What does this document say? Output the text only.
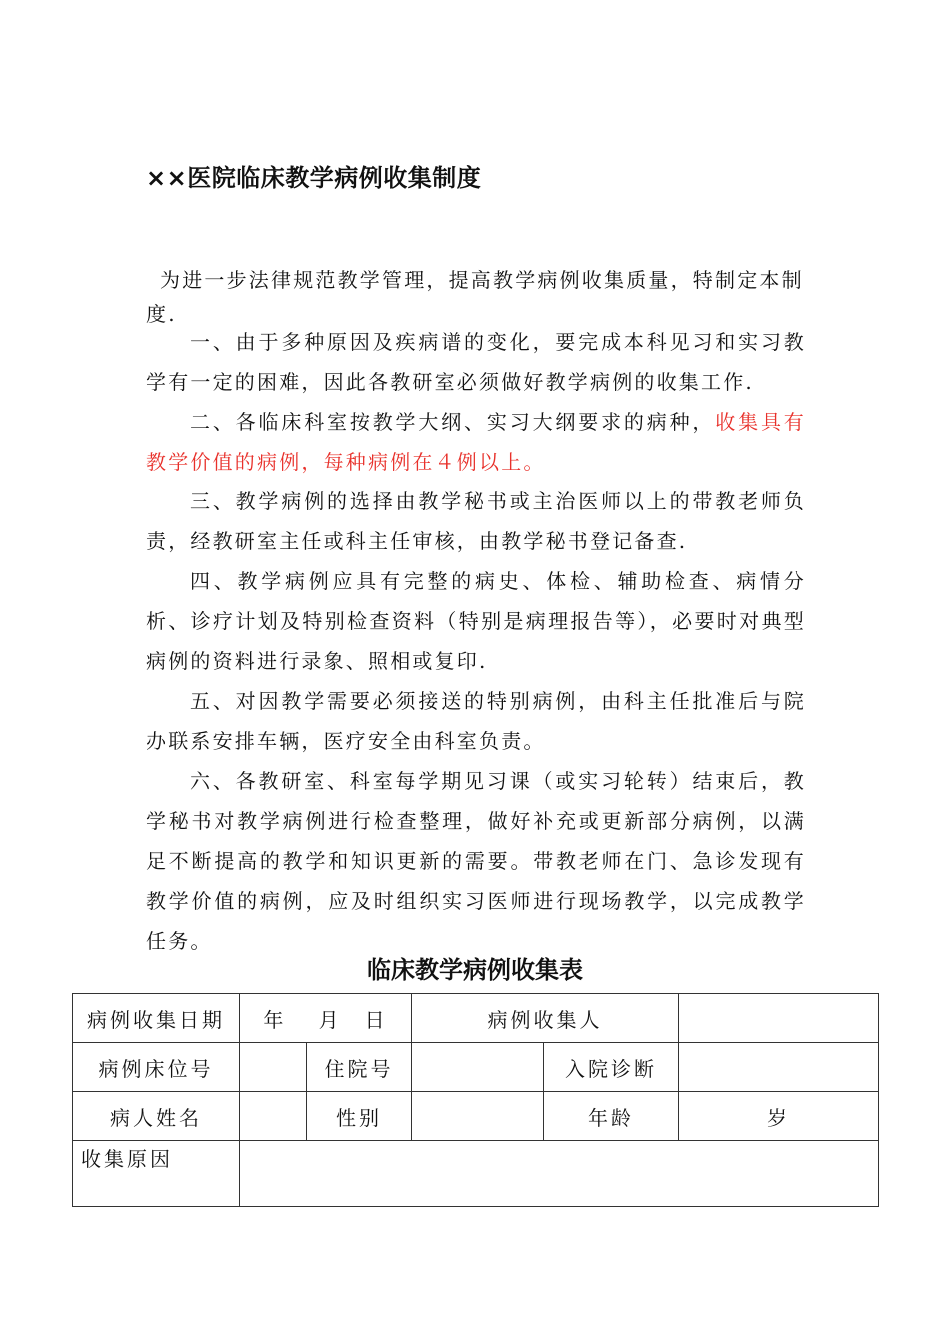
××医院临床教学病例收集制度
为进一步法律规范教学管理，提高教学病例收集质量，特制定本制
度.
一、由于多种原因及疾病谱的变化，要完成本科见习和实习教学有一定的困难，因此各教研室必须做好教学病例的收集工作.
二、各临床科室按教学大纲、实习大纲要求的病种，收集具有教学价值的病例，每种病例在４例以上。
三、教学病例的选择由教学秘书或主治医师以上的带教老师负责，经教研室主任或科主任审核，由教学秘书登记备查.
四、教学病例应具有完整的病史、体检、辅助检查、病情分析、诊疗计划及特别检查资料（特别是病理报告等），必要时对典型病例的资料进行录象、照相或复印.
五、对因教学需要必须接送的特别病例，由科主任批准后与院办联系安排车辆，医疗安全由科室负责。
六、各教研室、科室每学期见习课（或实习轮转）结束后，教学秘书对教学病例进行检查整理，做好补充或更新部分病例，以满足不断提高的教学和知识更新的需要。带教老师在门、急诊发现有教学价值的病例，应及时组织实习医师进行现场教学，以完成教学任务。
临床教学病例收集表
病例收集日期	年　 月　日		病例收集人		
病例床位号		住院号		入院诊断	
病人姓名		性别		年龄	岁
收集原因					
